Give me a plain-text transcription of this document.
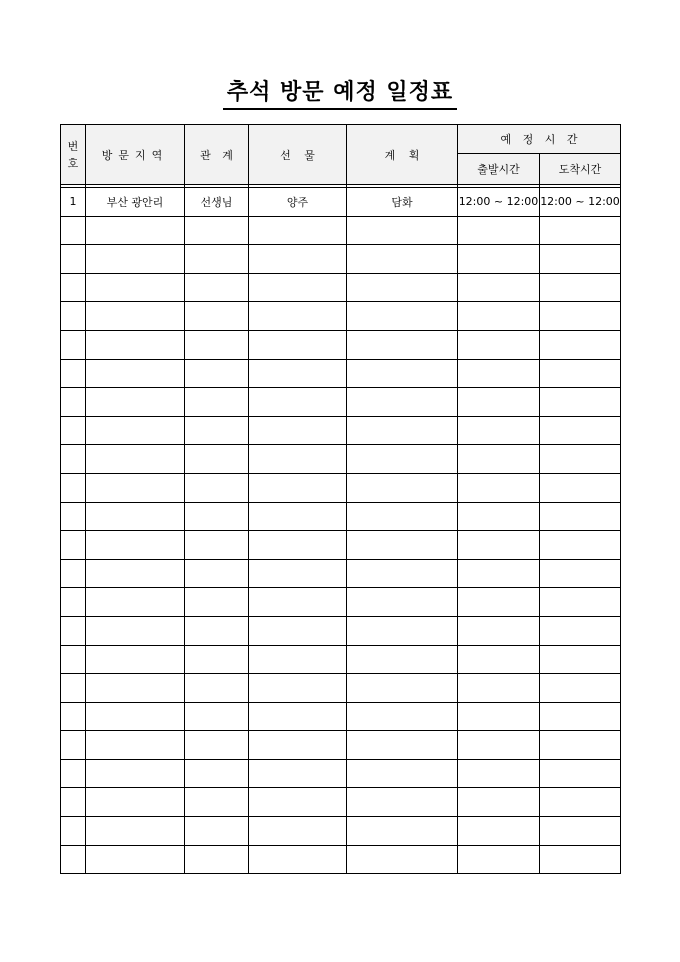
추석 방문 예정 일정표
번
호	방문지역	관 계	선 물	계 획	예 정 시 간	
					출발시간	도착시간

1	부산 광안리	선생님	양주	담화	12:00 ~ 12:00	12:00 ~ 12:00
